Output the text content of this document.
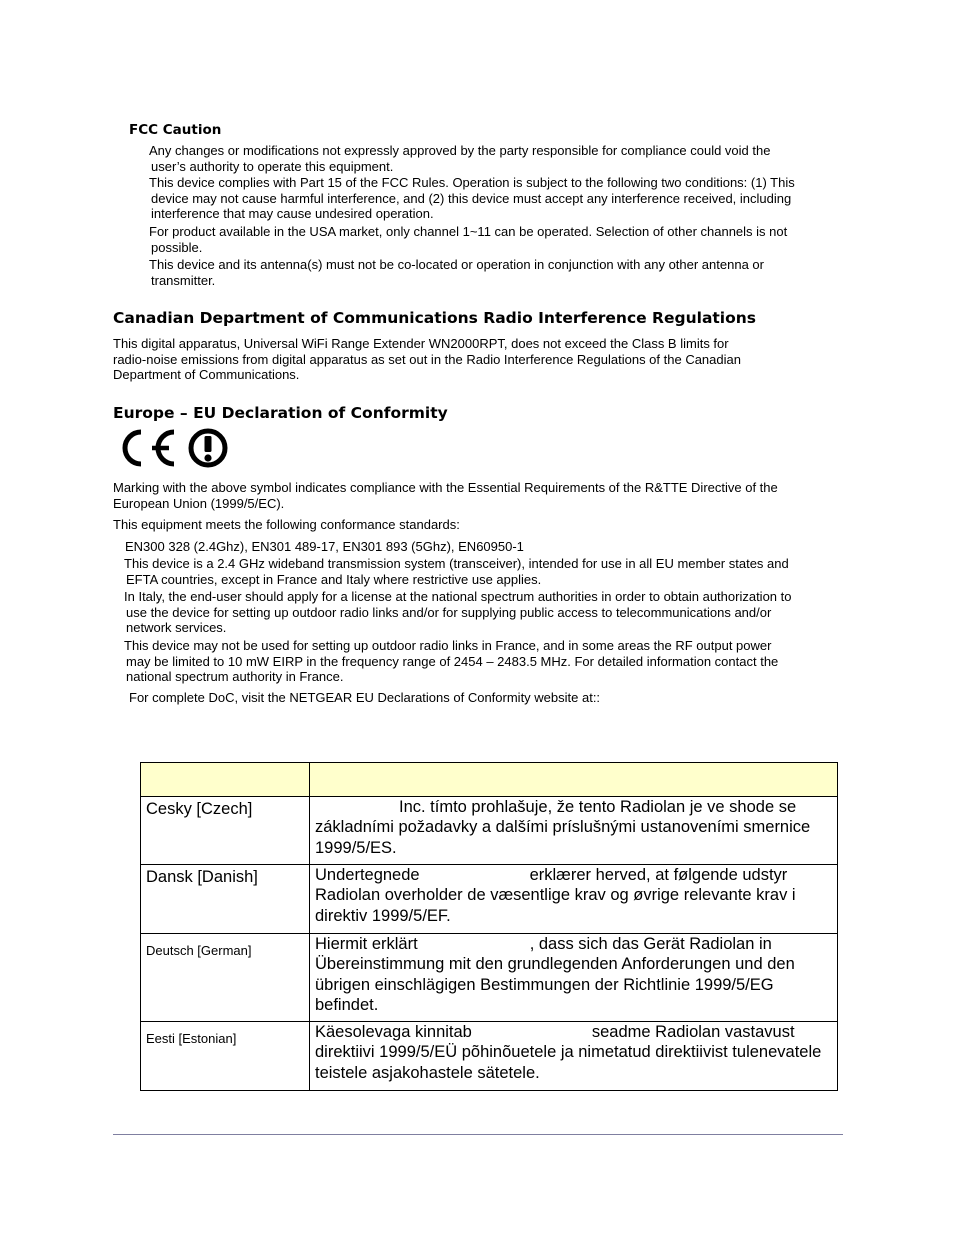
FCC Caution
Any changes or modifications not expressly approved by the party responsible for compliance could void the
user’s authority to operate this equipment.
This device complies with Part 15 of the FCC Rules. Operation is subject to the following two conditions: (1) This
device may not cause harmful interference, and (2) this device must accept any interference received, including
interference that may cause undesired operation.
For product available in the USA market, only channel 1~11 can be operated. Selection of other channels is not
possible.
This device and its antenna(s) must not be co-located or operation in conjunction with any other antenna or
transmitter.
Canadian Department of Communications Radio Interference Regulations
This digital apparatus, Universal WiFi Range Extender WN2000RPT, does not exceed the Class B limits for
radio-noise emissions from digital apparatus as set out in the Radio Interference Regulations of the Canadian
Department of Communications.
Europe – EU Declaration of Conformity
Marking with the above symbol indicates compliance with the Essential Requirements of the R&TTE Directive of the
European Union (1999/5/EC).
This equipment meets the following conformance standards:
EN300 328 (2.4Ghz), EN301 489-17, EN301 893 (5Ghz), EN60950-1
This device is a 2.4 GHz wideband transmission system (transceiver), intended for use in all EU member states and
EFTA countries, except in France and Italy where restrictive use applies.
In Italy, the end-user should apply for a license at the national spectrum authorities in order to obtain authorization to
use the device for setting up outdoor radio links and/or for supplying public access to telecommunications and/or
network services.
This device may not be used for setting up outdoor radio links in France, and in some areas the RF output power
may be limited to 10 mW EIRP in the frequency range of 2454 – 2483.5 MHz. For detailed information contact the
national spectrum authority in France.
For complete DoC, visit the NETGEAR EU Declarations of Conformity website at::

Cesky [Czech]	Inc. tímto prohlašuje, že tento Radiolan je ve shode se
základními požadavky a dalšími príslušnými ustanoveními smernice
1999/5/ES.

Dansk [Danish]	Undertegnede erklærer herved, at følgende udstyr
Radiolan overholder de væsentlige krav og øvrige relevante krav i
direktiv 1999/5/EF.

Deutsch [German]	Hiermit erklärt , dass sich das Gerät Radiolan in
Übereinstimmung mit den grundlegenden Anforderungen und den
übrigen einschlägigen Bestimmungen der Richtlinie 1999/5/EG
befindet.

Eesti [Estonian]	Käesolevaga kinnitab seadme Radiolan vastavust
direktiivi 1999/5/EÜ põhinõuetele ja nimetatud direktiivist tulenevatele
teistele asjakohastele sätetele.
